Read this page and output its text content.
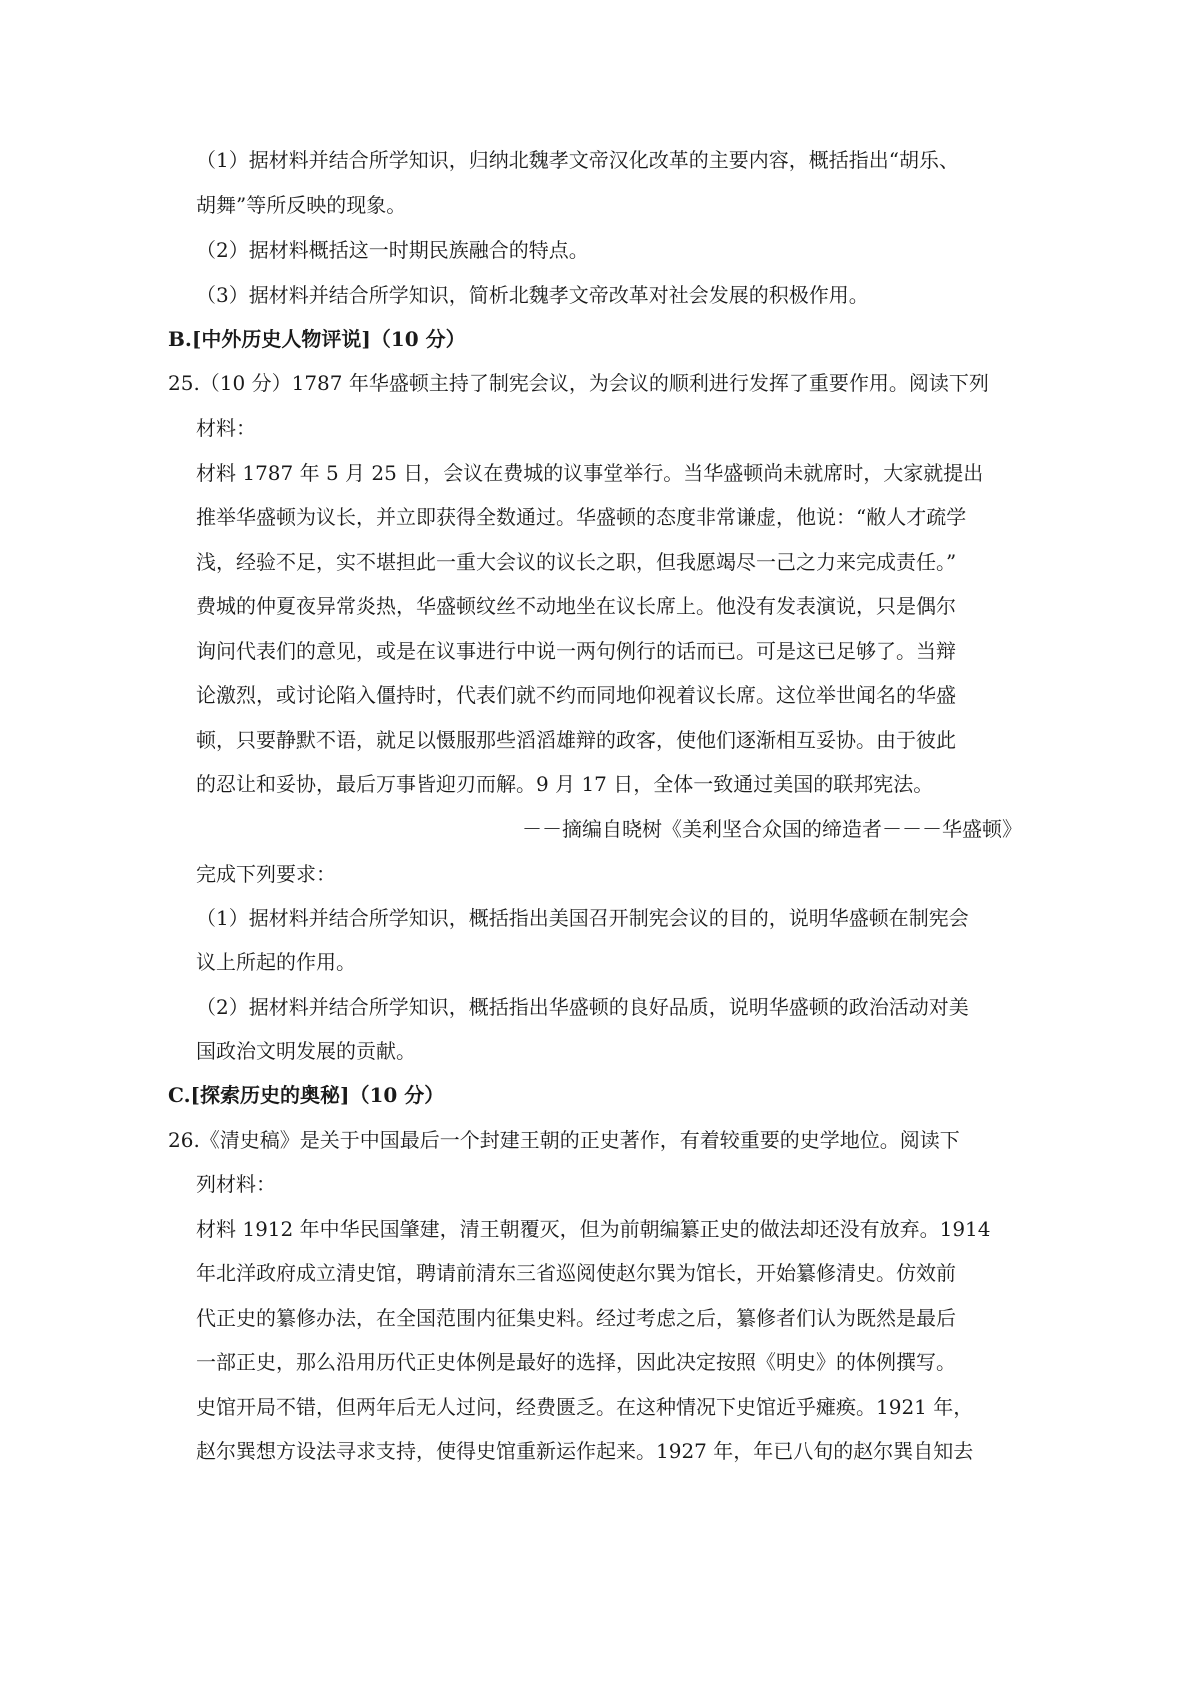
（1）据材料并结合所学知识，归纳北魏孝文帝汉化改革的主要内容，概括指出“胡乐、
胡舞”等所反映的现象。
（2）据材料概括这一时期民族融合的特点。
（3）据材料并结合所学知识，简析北魏孝文帝改革对社会发展的积极作用。
B.[中外历史人物评说]（10 分）
25.（10 分）1787 年华盛顿主持了制宪会议，为会议的顺利进行发挥了重要作用。阅读下列
材料：
材料 1787 年 5 月 25 日，会议在费城的议事堂举行。当华盛顿尚未就席时，大家就提出
推举华盛顿为议长，并立即获得全数通过。华盛顿的态度非常谦虚，他说：“敝人才疏学
浅，经验不足，实不堪担此一重大会议的议长之职，但我愿竭尽一己之力来完成责任。”
费城的仲夏夜异常炎热，华盛顿纹丝不动地坐在议长席上。他没有发表演说，只是偶尔
询问代表们的意见，或是在议事进行中说一两句例行的话而已。可是这已足够了。当辩
论激烈，或讨论陷入僵持时，代表们就不约而同地仰视着议长席。这位举世闻名的华盛
顿，只要静默不语，就足以慑服那些滔滔雄辩的政客，使他们逐渐相互妥协。由于彼此
的忍让和妥协，最后万事皆迎刃而解。9 月 17 日，全体一致通过美国的联邦宪法。
－－摘编自晓树《美利坚合众国的缔造者－－－华盛顿》
完成下列要求：
（1）据材料并结合所学知识，概括指出美国召开制宪会议的目的，说明华盛顿在制宪会
议上所起的作用。
（2）据材料并结合所学知识，概括指出华盛顿的良好品质，说明华盛顿的政治活动对美
国政治文明发展的贡献。
C.[探索历史的奥秘]（10 分）
26.《清史稿》是关于中国最后一个封建王朝的正史著作，有着较重要的史学地位。阅读下
列材料：
材料 1912 年中华民国肇建，清王朝覆灭，但为前朝编纂正史的做法却还没有放弃。1914
年北洋政府成立清史馆，聘请前清东三省巡阅使赵尔巽为馆长，开始纂修清史。仿效前
代正史的纂修办法，在全国范围内征集史料。经过考虑之后，纂修者们认为既然是最后
一部正史，那么沿用历代正史体例是最好的选择，因此决定按照《明史》的体例撰写。
史馆开局不错，但两年后无人过问，经费匮乏。在这种情况下史馆近乎瘫痪。1921 年，
赵尔巽想方设法寻求支持，使得史馆重新运作起来。1927 年，年已八旬的赵尔巽自知去
